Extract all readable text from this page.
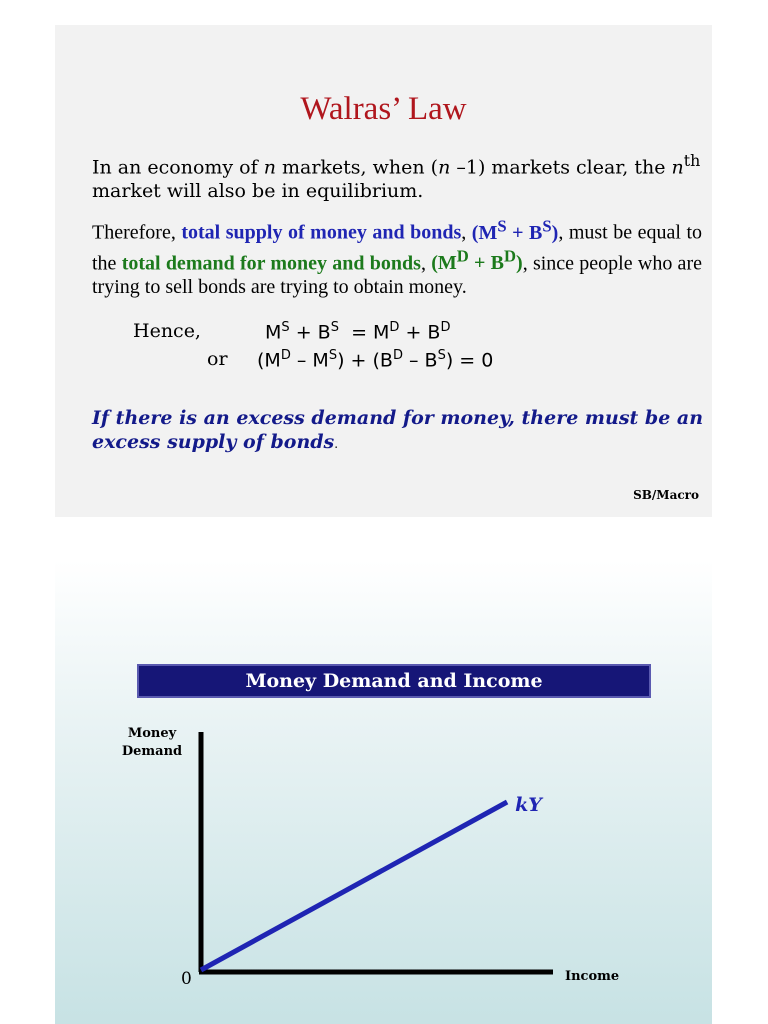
Walras’ Law
In an economy of n markets, when (n –1) markets clear, the $n^{th}$ market will also be in equilibrium.
Therefore, total supply of money and bonds, $(M^S + B^S)$, must be equal to the total demand for money and bonds, $(M^D + B^D)$, since people who are trying to sell bonds are trying to obtain money.
Hence,	$M^S + B^S = M^D + B^D$
or $(M^D - M^S) + (B^D - B^S) = 0$
If there is an excess demand for money, there must be an excess supply of bonds.
SB/Macro
Money Demand and Income
Money
Demand
Income
0
kY
